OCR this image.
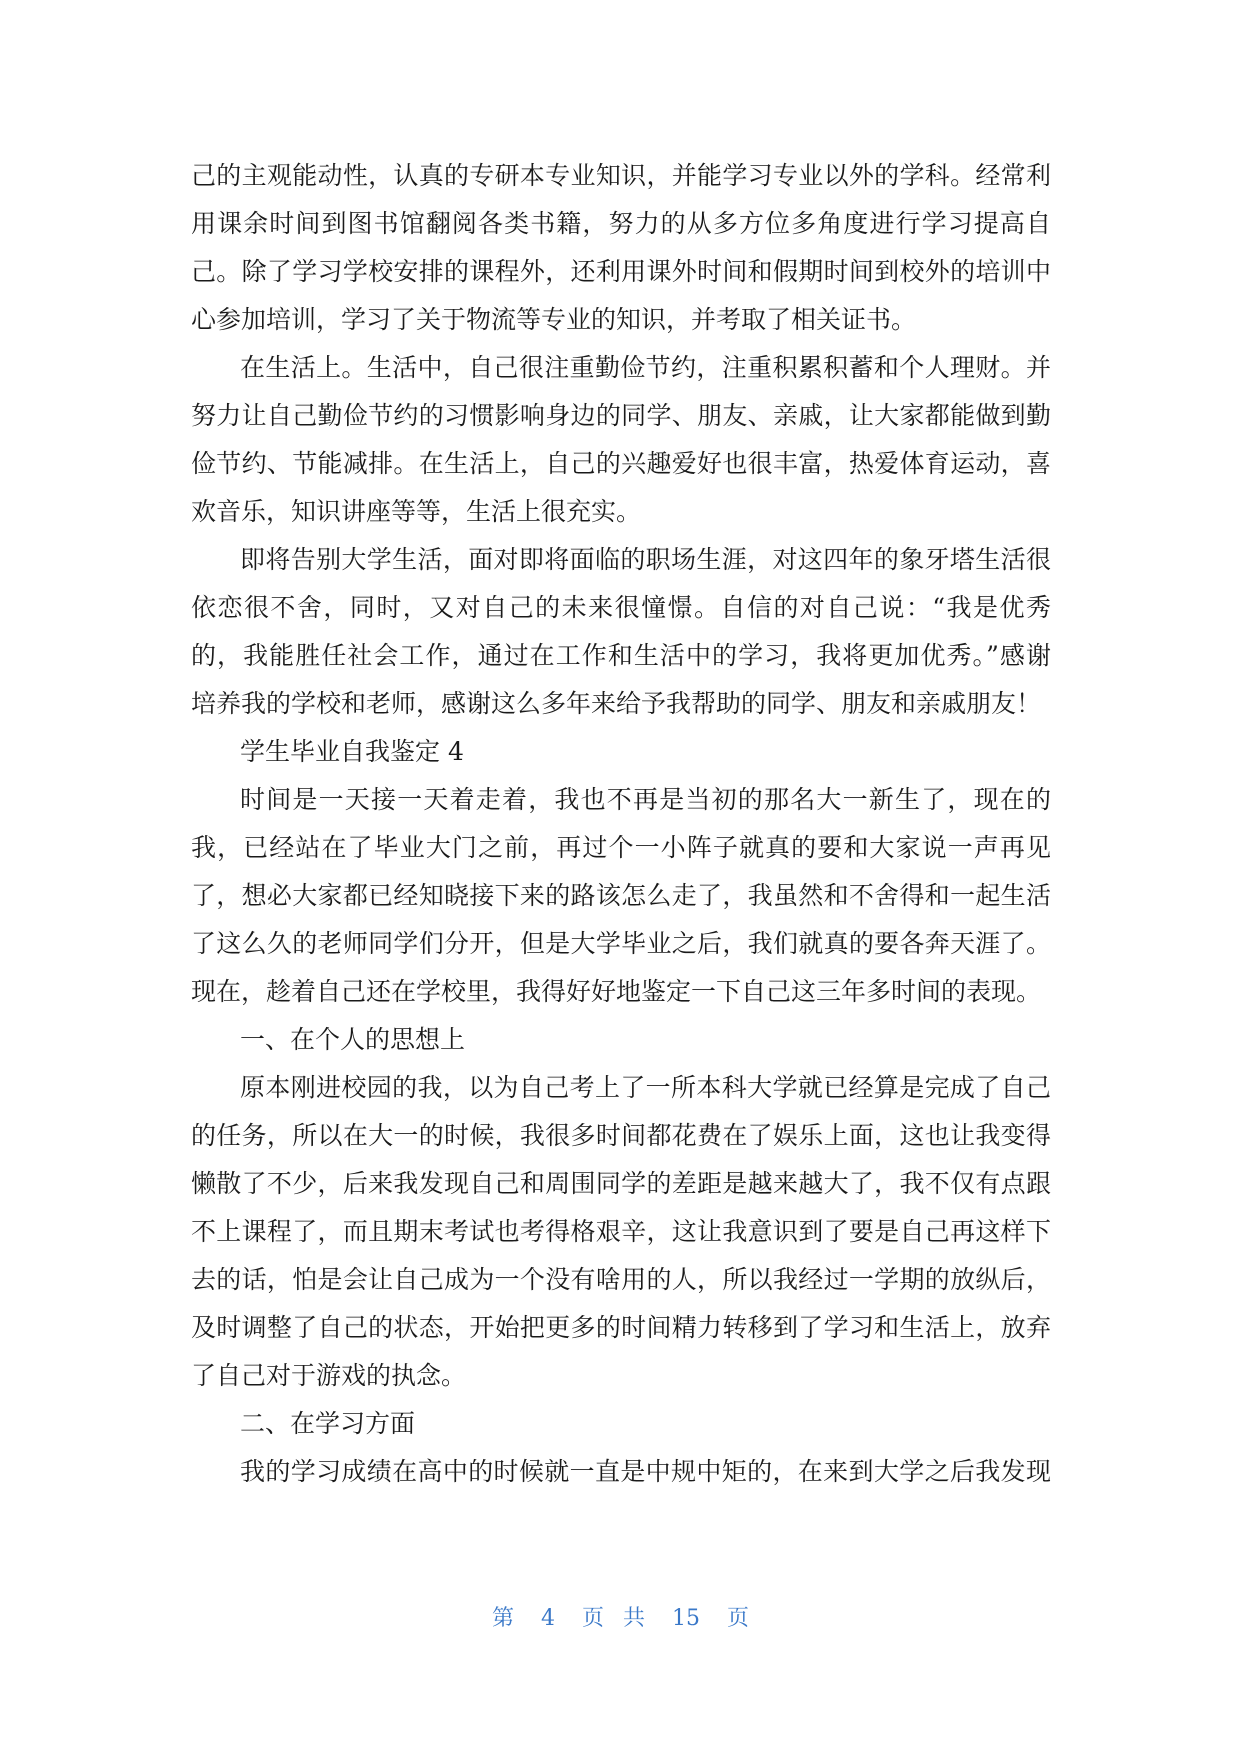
己的主观能动性，认真的专研本专业知识，并能学习专业以外的学科。经常利
用课余时间到图书馆翻阅各类书籍，努力的从多方位多角度进行学习提高自
己。除了学习学校安排的课程外，还利用课外时间和假期时间到校外的培训中
心参加培训，学习了关于物流等专业的知识，并考取了相关证书。
在生活上。生活中，自己很注重勤俭节约，注重积累积蓄和个人理财。并
努力让自己勤俭节约的习惯影响身边的同学、朋友、亲戚，让大家都能做到勤
俭节约、节能减排。在生活上，自己的兴趣爱好也很丰富，热爱体育运动，喜
欢音乐，知识讲座等等，生活上很充实。
即将告别大学生活，面对即将面临的职场生涯，对这四年的象牙塔生活很
依恋很不舍，同时，又对自己的未来很憧憬。自信的对自己说：“我是优秀
的，我能胜任社会工作，通过在工作和生活中的学习，我将更加优秀。”感谢
培养我的学校和老师，感谢这么多年来给予我帮助的同学、朋友和亲戚朋友！
学生毕业自我鉴定 4
时间是一天接一天着走着，我也不再是当初的那名大一新生了，现在的
我，已经站在了毕业大门之前，再过个一小阵子就真的要和大家说一声再见
了，想必大家都已经知晓接下来的路该怎么走了，我虽然和不舍得和一起生活
了这么久的老师同学们分开，但是大学毕业之后，我们就真的要各奔天涯了。
现在，趁着自己还在学校里，我得好好地鉴定一下自己这三年多时间的表现。
一、在个人的思想上
原本刚进校园的我，以为自己考上了一所本科大学就已经算是完成了自己
的任务，所以在大一的时候，我很多时间都花费在了娱乐上面，这也让我变得
懒散了不少，后来我发现自己和周围同学的差距是越来越大了，我不仅有点跟
不上课程了，而且期末考试也考得格艰辛，这让我意识到了要是自己再这样下
去的话，怕是会让自己成为一个没有啥用的人，所以我经过一学期的放纵后，
及时调整了自己的状态，开始把更多的时间精力转移到了学习和生活上，放弃
了自己对于游戏的执念。
二、在学习方面
我的学习成绩在高中的时候就一直是中规中矩的，在来到大学之后我发现
第 4 页 共 15 页
